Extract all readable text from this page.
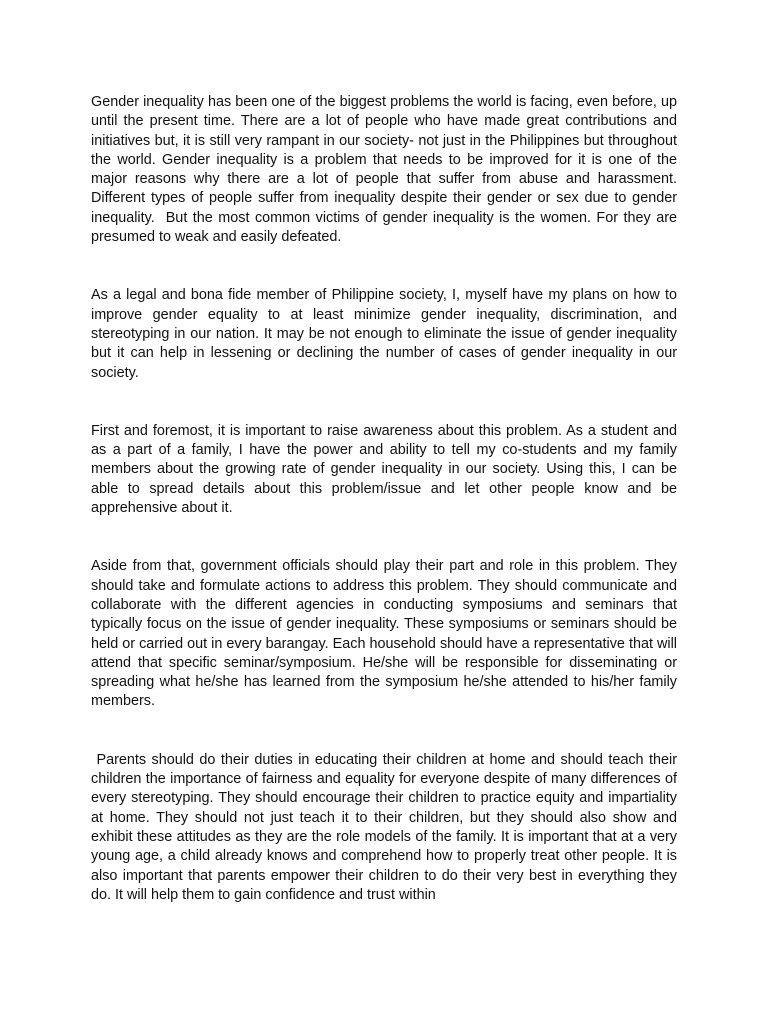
Gender inequality has been one of the biggest problems the world is facing, even before, up until the present time. There are a lot of people who have made great contributions and initiatives but, it is still very rampant in our society- not just in the Philippines but throughout the world. Gender inequality is a problem that needs to be improved for it is one of the major reasons why there are a lot of people that suffer from abuse and harassment.  Different types of people suffer from inequality despite their gender or sex due to gender inequality.  But the most common victims of gender inequality is the women. For they are presumed to weak and easily defeated.

As a legal and bona fide member of Philippine society, I, myself have my plans on how to improve gender equality to at least minimize gender inequality, discrimination, and stereotyping in our nation. It may be not enough to eliminate the issue of gender inequality but it can help in lessening or declining the number of cases of gender inequality in our society.

First and foremost, it is important to raise awareness about this problem. As a student and as a part of a family, I have the power and ability to tell my co-students and my family members about the growing rate of gender inequality in our society. Using this, I can be able to spread details about this problem/issue and let other people know and be apprehensive about it.

Aside from that, government officials should play their part and role in this problem. They should take and formulate actions to address this problem. They should communicate and collaborate with the different agencies in conducting symposiums and seminars that typically focus on the issue of gender inequality. These symposiums or seminars should be held or carried out in every barangay. Each household should have a representative that will attend that specific seminar/symposium. He/she will be responsible for disseminating or spreading what he/she has learned from the symposium he/she attended to his/her family members.

Parents should do their duties in educating their children at home and should teach their children the importance of fairness and equality for everyone despite of many differences of every stereotyping. They should encourage their children to practice equity and impartiality at home. They should not just teach it to their children, but they should also show and exhibit these attitudes as they are the role models of the family. It is important that at a very young age, a child already knows and comprehend how to properly treat other people. It is also important that parents empower their children to do their very best in everything they do. It will help them to gain confidence and trust within
